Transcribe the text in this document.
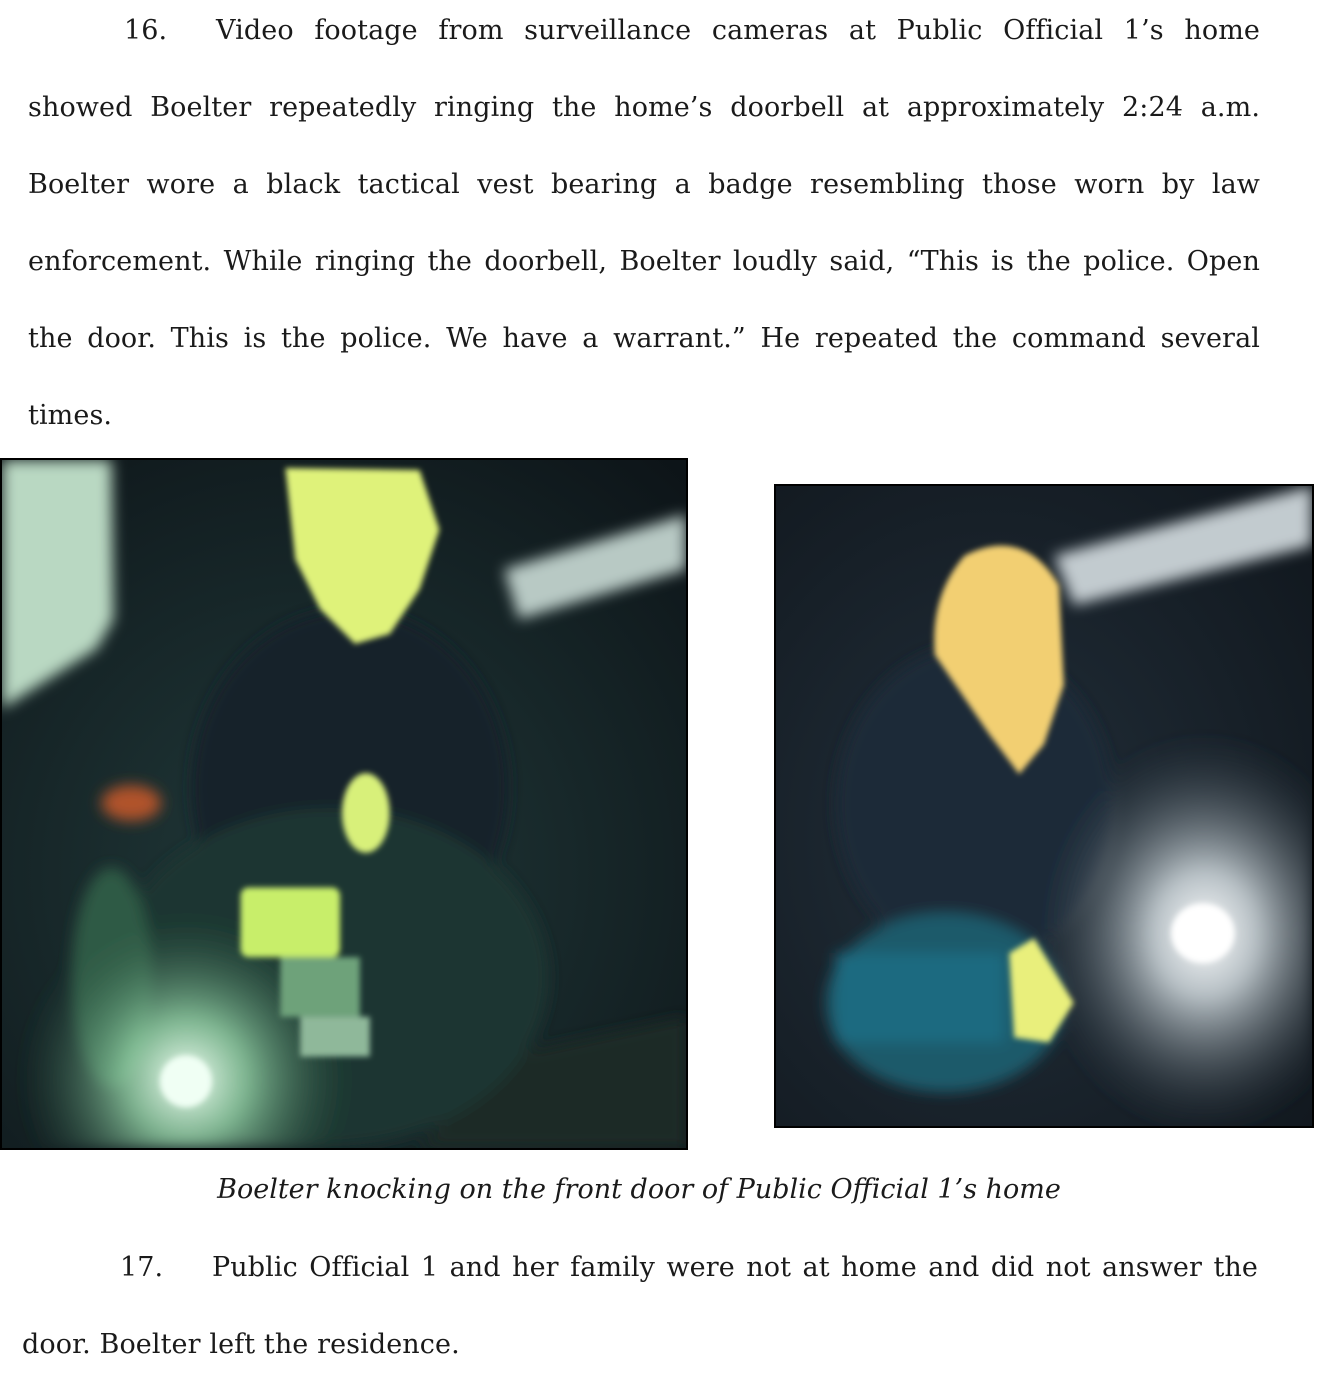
16. Video footage from surveillance cameras at Public Official 1’s home showed Boelter repeatedly ringing the home’s doorbell at approximately 2:24 a.m. Boelter wore a black tactical vest bearing a badge resembling those worn by law enforcement. While ringing the doorbell, Boelter loudly said, “This is the police. Open the door. This is the police. We have a warrant.” He repeated the command several times.

Boelter knocking on the front door of Public Official 1’s home

17. Public Official 1 and her family were not at home and did not answer the door. Boelter left the residence.
